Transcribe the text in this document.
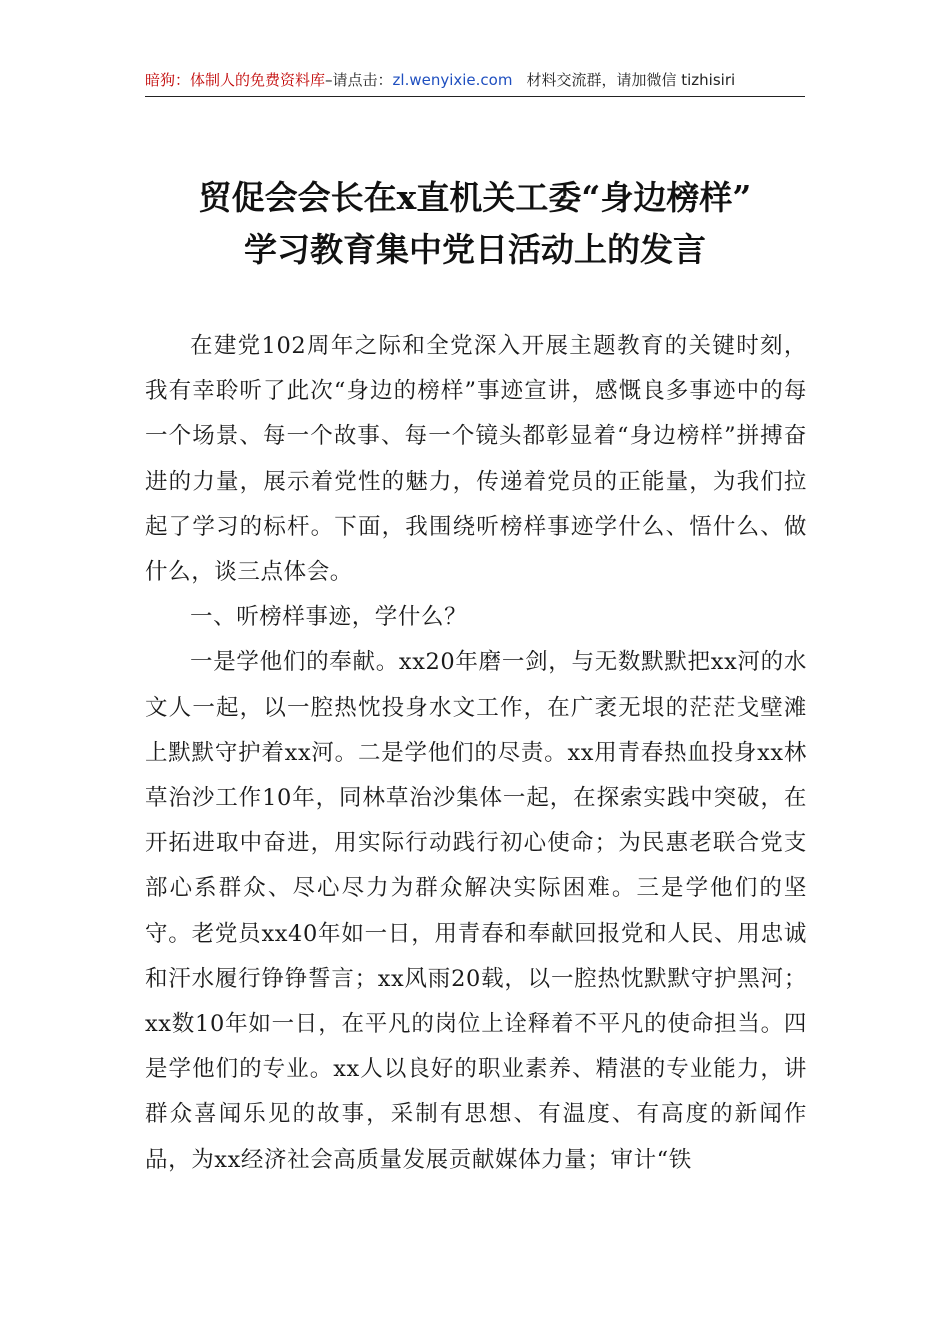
暗狗：体制人的免费资料库–请点击：zl.wenyixie.com 材料交流群，请加微信 tizhisiri
贸促会会长在x直机关工委“身边榜样”
学习教育集中党日活动上的发言

在建党102周年之际和全党深入开展主题教育的关键时刻，我有幸聆听了此次“身边的榜样”事迹宣讲，感慨良多事迹中的每一个场景、每一个故事、每一个镜头都彰显着“身边榜样”拼搏奋进的力量，展示着党性的魅力，传递着党员的正能量，为我们拉起了学习的标杆。下面，我围绕听榜样事迹学什么、悟什么、做什么，谈三点体会。

一、听榜样事迹，学什么？

一是学他们的奉献。xx20年磨一剑，与无数默默把xx河的水文人一起，以一腔热忱投身水文工作，在广袤无垠的茫茫戈壁滩上默默守护着xx河。二是学他们的尽责。xx用青春热血投身xx林草治沙工作10年，同林草治沙集体一起，在探索实践中突破，在开拓进取中奋进，用实际行动践行初心使命；为民惠老联合党支部心系群众、尽心尽力为群众解决实际困难。三是学他们的坚守。老党员xx40年如一日，用青春和奉献回报党和人民、用忠诚和汗水履行铮铮誓言；xx风雨20载，以一腔热忱默默守护黑河；xx数10年如一日，在平凡的岗位上诠释着不平凡的使命担当。四是学他们的专业。xx人以良好的职业素养、精湛的专业能力，讲群众喜闻乐见的故事，采制有思想、有温度、有高度的新闻作品，为xx经济社会高质量发展贡献媒体力量；审计“铁
